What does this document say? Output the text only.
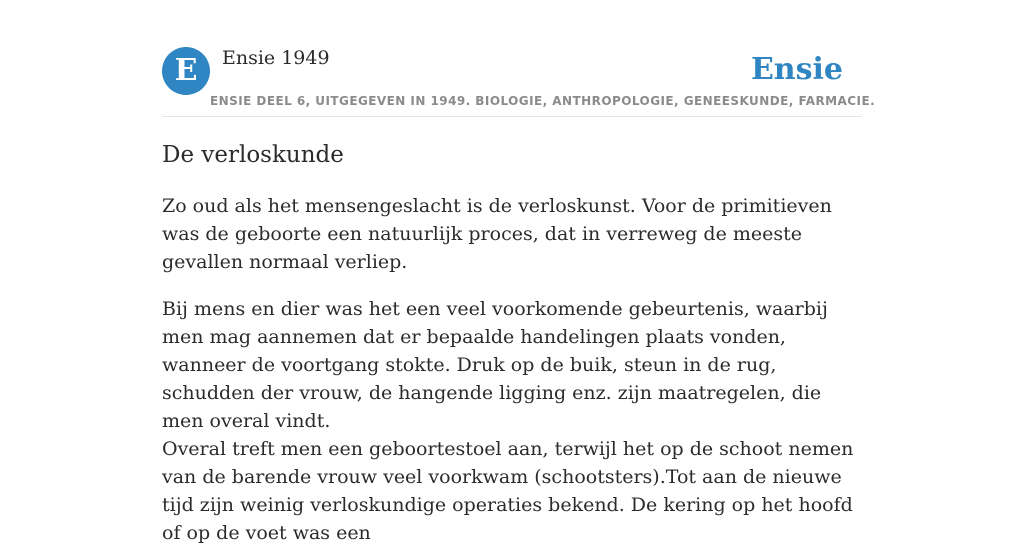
E	Ensie 1949	Ensie
ENSIE DEEL 6, UITGEGEVEN IN 1949. BIOLOGIE, ANTHROPOLOGIE, GENEESKUNDE, FARMACIE.
De verloskunde

Zo oud als het mensengeslacht is de verloskunst. Voor de primitieven was de geboorte een natuurlijk proces, dat in verreweg de meeste gevallen normaal verliep.

Bij mens en dier was het een veel voorkomende gebeurtenis, waarbij men mag aannemen dat er bepaalde handelingen plaats vonden, wanneer de voortgang stokte. Druk op de buik, steun in de rug, schudden der vrouw, de hangende ligging enz. zijn maatregelen, die men overal vindt.

Overal treft men een geboortestoel aan, terwijl het op de schoot nemen van de barende vrouw veel voorkwam (schootsters).Tot aan de nieuwe tijd zijn weinig verloskundige operaties bekend. De kering op het hoofd of op de voet was een
